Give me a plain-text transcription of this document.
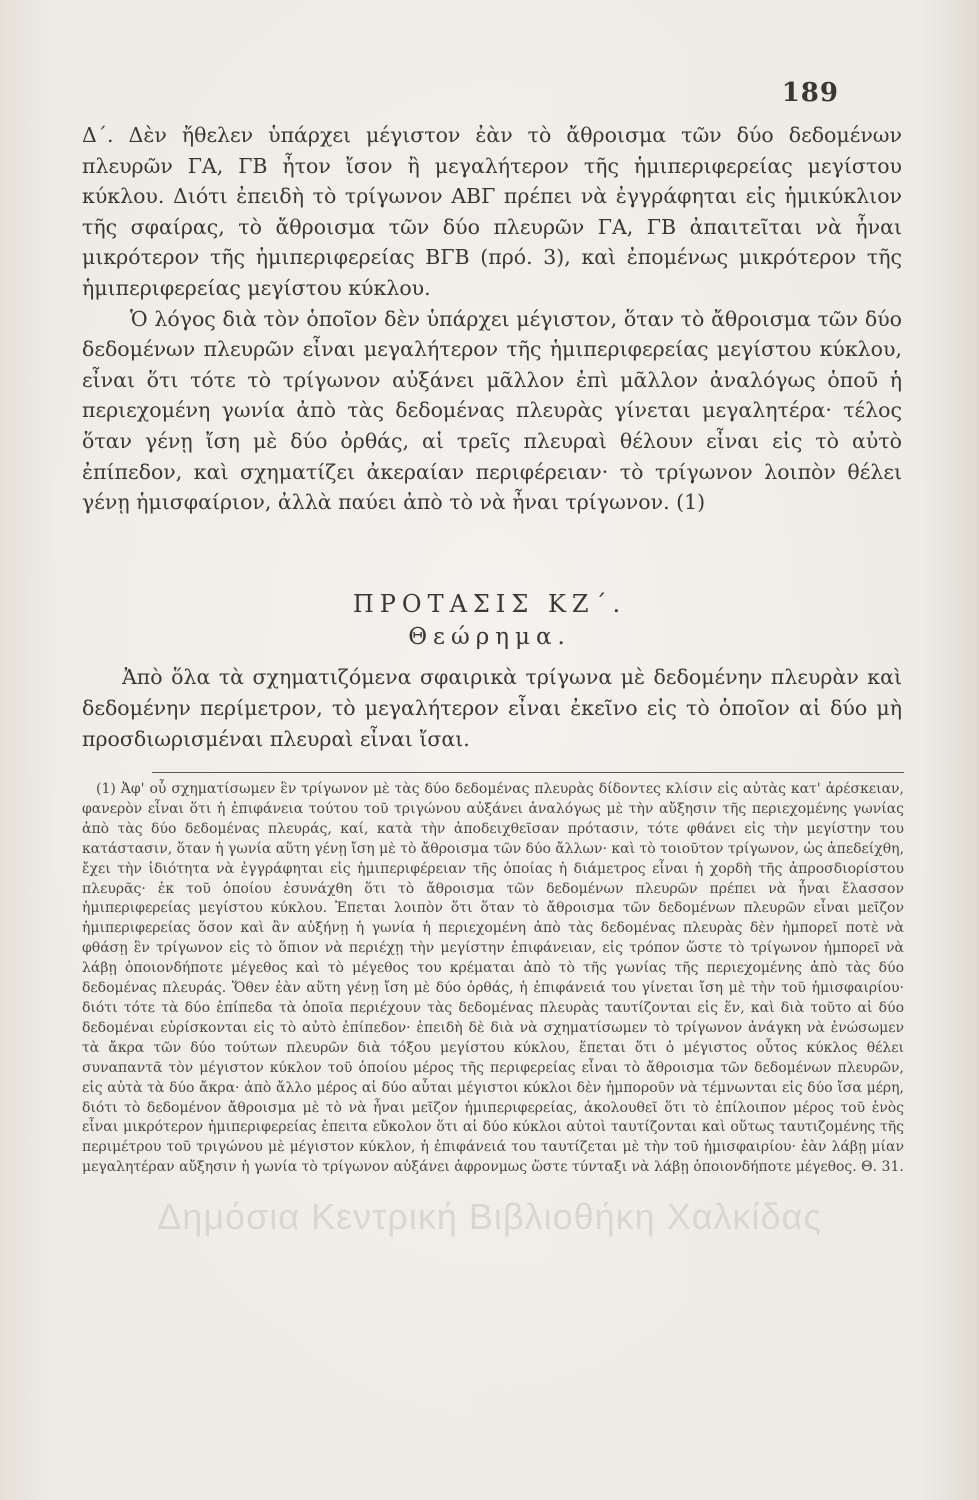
189

Δ΄. Δὲν ἤθελεν ὑπάρχει μέγιστον ἐὰν τὸ ἄθροισμα τῶν δύο δεδομένων πλευρῶν ΓΑ, ΓΒ ἦτον ἴσον ἢ μεγαλήτερον τῆς ἡμιπεριφερείας μεγίστου κύκλου. Διότι ἐπειδὴ τὸ τρίγωνον ΑΒΓ πρέπει νὰ ἐγγράφηται εἰς ἡμικύκλιον τῆς σφαίρας, τὸ ἄθροισμα τῶν δύο πλευρῶν ΓΑ, ΓΒ ἀπαιτεῖται νὰ ἦναι μικρότερον τῆς ἡμιπεριφερείας ΒΓΒ (πρό. 3), καὶ ἐπομένως μικρότερον τῆς ἡμιπεριφερείας μεγίστου κύκλου.

Ὁ λόγος διὰ τὸν ὁποῖον δὲν ὑπάρχει μέγιστον, ὅταν τὸ ἄθροισμα τῶν δύο δεδομένων πλευρῶν εἶναι μεγαλήτερον τῆς ἡμιπεριφερείας μεγίστου κύκλου, εἶναι ὅτι τότε τὸ τρίγωνον αὐξάνει μᾶλλον ἐπὶ μᾶλλον ἀναλόγως ὁποῦ ἡ περιεχομένη γωνία ἀπὸ τὰς δεδομένας πλευρὰς γίνεται μεγαλητέρα· τέλος ὅταν γένῃ ἴση μὲ δύο ὀρθάς, αἱ τρεῖς πλευραὶ θέλουν εἶναι εἰς τὸ αὐτὸ ἐπίπεδον, καὶ σχηματίζει ἀκεραίαν περιφέρειαν· τὸ τρίγωνον λοιπὸν θέλει γένῃ ἡμισφαίριον, ἀλλὰ παύει ἀπὸ τὸ νὰ ἦναι τρίγωνον. (1)

ΠΡΟΤΑΣΙΣ ΚΖ΄.
Θεώρημα.

Ἀπὸ ὅλα τὰ σχηματιζόμενα σφαιρικὰ τρίγωνα μὲ δεδομένην πλευρὰν καὶ δεδομένην περίμετρον, τὸ μεγαλήτερον εἶναι ἐκεῖνο εἰς τὸ ὁποῖον αἱ δύο μὴ προσδιωρισμέναι πλευραὶ εἶναι ἴσαι.

(1) Ἀφ' οὗ σχηματίσωμεν ἓν τρίγωνον μὲ τὰς δύο δεδομένας πλευρὰς δίδοντες κλίσιν εἰς αὐτὰς κατ' ἀρέσκειαν, φανερὸν εἶναι ὅτι ἡ ἐπιφάνεια τούτου τοῦ τριγώνου αὐξάνει ἀναλόγως μὲ τὴν αὔξησιν τῆς περιεχομένης γωνίας ἀπὸ τὰς δύο δεδομένας πλευράς, καί, κατὰ τὴν ἀποδειχθεῖσαν πρότασιν, τότε φθάνει εἰς τὴν μεγίστην του κατάστασιν, ὅταν ἡ γωνία αὕτη γένῃ ἴση μὲ τὸ ἄθροισμα τῶν δύο ἄλλων· καὶ τὸ τοιοῦτον τρίγωνον, ὡς ἀπεδείχθη, ἔχει τὴν ἰδιότητα νὰ ἐγγράφηται εἰς ἡμιπεριφέρειαν τῆς ὁποίας ἡ διάμετρος εἶναι ἡ χορδὴ τῆς ἀπροσδιορίστου πλευρᾶς· ἐκ τοῦ ὁποίου ἐσυνάχθη ὅτι τὸ ἄθροισμα τῶν δεδομένων πλευρῶν πρέπει νὰ ἦναι ἔλασσον ἡμιπεριφερείας μεγίστου κύκλου. Ἐπεται λοιπὸν ὅτι ὅταν τὸ ἄθροισμα τῶν δεδομένων πλευρῶν εἶναι μεῖζον ἡμιπεριφερείας ὅσον καὶ ἂν αὐξήνῃ ἡ γωνία ἡ περιεχομένη ἀπὸ τὰς δεδομένας πλευρὰς δὲν ἠμπορεῖ ποτὲ νὰ φθάσῃ ἓν τρίγωνον εἰς τὸ ὅπιον νὰ περιέχῃ τὴν μεγίστην ἐπιφάνειαν, εἰς τρόπον ὥστε τὸ τρίγωνον ἠμπορεῖ νὰ λάβῃ ὁποιονδήποτε μέγεθος καὶ τὸ μέγεθος του κρέμαται ἀπὸ τὸ τῆς γωνίας τῆς περιεχομένης ἀπὸ τὰς δύο δεδομένας πλευράς. Ὅθεν ἐὰν αὕτη γένῃ ἴση μὲ δύο ὀρθάς, ἡ ἐπιφάνειά του γίνεται ἴση μὲ τὴν τοῦ ἡμισφαιρίου· διότι τότε τὰ δύο ἐπίπεδα τὰ ὁποῖα περιέχουν τὰς δεδομένας πλευρὰς ταυτίζονται εἰς ἕν, καὶ διὰ τοῦτο αἱ δύο δεδομέναι εὑρίσκονται εἰς τὸ αὐτὸ ἐπίπεδον· ἐπειδὴ δὲ διὰ νὰ σχηματίσωμεν τὸ τρίγωνον ἀνάγκη νὰ ἐνώσωμεν τὰ ἄκρα τῶν δύο τούτων πλευρῶν διὰ τόξου μεγίστου κύκλου, ἕπεται ὅτι ὁ μέγιστος οὗτος κύκλος θέλει συναπαντᾶ τὸν μέγιστον κύκλον τοῦ ὁποίου μέρος τῆς περιφερείας εἶναι τὸ ἄθροισμα τῶν δεδομένων πλευρῶν, εἰς αὐτὰ τὰ δύο ἄκρα· ἀπὸ ἄλλο μέρος αἱ δύο αὗται μέγιστοι κύκλοι δὲν ἠμποροῦν νὰ τέμνωνται εἰς δύο ἴσα μέρη, διότι τὸ δεδομένον ἄθροισμα μὲ τὸ νὰ ἦναι μεῖζον ἡμιπεριφερείας, ἀκολουθεῖ ὅτι τὸ ἐπίλοιπον μέρος τοῦ ἑνὸς εἶναι μικρότερον ἡμιπεριφερείας ἐπειτα εὔκολον ὅτι αἱ δύο κύκλοι αὐτοὶ ταυτίζονται καὶ οὕτως ταυτιζομένης τῆς περιμέτρου τοῦ τριγώνου μὲ μέγιστον κύκλον, ἡ ἐπιφάνειά του ταυτίζεται μὲ τὴν τοῦ ἡμισφαιρίου· ἐὰν λάβῃ μίαν μεγαλητέραν αὔξησιν ἡ γωνία τὸ τρίγωνον αὐξάνει ἀφρονμως ὥστε τύνταξι νὰ λάβῃ ὁποιονδήποτε μέγεθος. Θ. 31.

Δημόσια Κεντρική Βιβλιοθήκη Χαλκίδας
